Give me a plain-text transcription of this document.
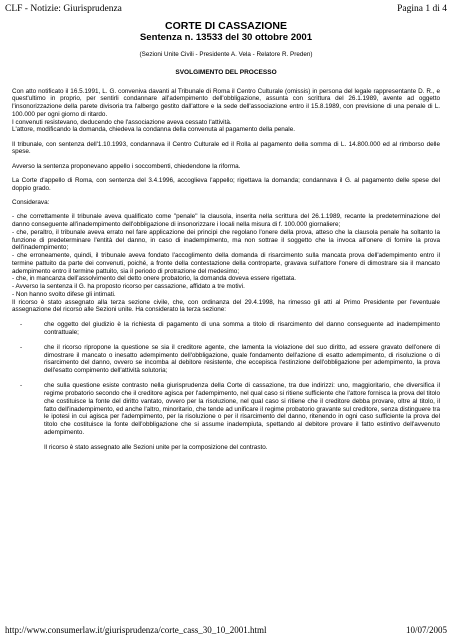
CLF - Notizie: Giurisprudenza	Pagina 1 di 4
CORTE DI CASSAZIONE
Sentenza n. 13533 del 30 ottobre 2001
(Sezioni Unite Civili - Presidente A. Vela - Relatore R. Preden)
SVOLGIMENTO DEL PROCESSO

Con atto notificato il 16.5.1991, L. G. conveniva davanti al Tribunale di Roma il Centro Culturale (omissis) in persona del legale rappresentante D. R., e quest'ultimo in proprio, per sentirli condannare all'adempimento dell'obbligazione, assunta con scrittura del 26.1.1989, avente ad oggetto l'insonorizzazione della parete divisoria tra l'albergo gestito dall'attore e la sede dell'associazione entro il 15.8.1989, con previsione di una penale di L. 100.000 per ogni giorno di ritardo.

I convenuti resistevano, deducendo che l'associazione aveva cessato l'attività.

L'attore, modificando la domanda, chiedeva la condanna della convenuta al pagamento della penale.

Il tribunale, con sentenza dell'1.10.1993, condannava il Centro Culturale ed il Rolla al pagamento della somma di L. 14.800.000 ed al rimborso delle spese.

Avverso la sentenza proponevano appello i soccombenti, chiedendone la riforma.

La Corte d'appello di Roma, con sentenza del 3.4.1996, accoglieva l'appello; rigettava la domanda; condannava il G. al pagamento delle spese del doppio grado.

Considerava:

- che correttamente il tribunale aveva qualificato come "penale" la clausola, inserita nella scrittura del 26.1.1989, recante la predeterminazione del danno conseguente all'inadempimento dell'obbligazione di insonorizzare i locali nella misura di f. 100.000 giornaliere;

- che, peraltro, il tribunale aveva errato nel fare applicazione dei principi che regolano l'onere della prova, atteso che la clausola penale ha soltanto la funzione di predeterminare l'entità del danno, in caso di inadempimento, ma non sottrae il soggetto che la invoca all'onere di fornire la prova dell'inadempimento;

- che erroneamente, quindi, il tribunale aveva fondato l'accoglimento della domanda di risarcimento sulla mancata prova dell'adempimento entro il termine pattuito da parte dei convenuti, poiché, a fronte della contestazione della controparte, gravava sull'attore l'onere di dimostrare sia il mancato adempimento entro il termine pattuito, sia il periodo di protrazione del medesimo;

- che, in mancanza dell'assolvimento del detto onere probatorio, la domanda doveva essere rigettata.

- Avverso la sentenza il G. ha proposto ricorso per cassazione, affidato a tre motivi.

- Non hanno svolto difese gli intimati.

Il ricorso è stato assegnato alla terza sezione civile, che, con ordinanza del 29.4.1998, ha rimesso gli atti al Primo Presidente per l'eventuale assegnazione del ricorso alle Sezioni unite. Ha considerato la terza sezione:

-	che oggetto del giudizio è la richiesta di pagamento di una somma a titolo di risarcimento del danno conseguente ad inadempimento contrattuale;

-	che il ricorso ripropone la questione se sia il creditore agente, che lamenta la violazione del suo diritto, ad essere gravato dell'onere di dimostrare il mancato o inesatto adempimento dell'obbligazione, quale fondamento dell'azione di esatto adempimento, di risoluzione o di risarcimento del danno, ovvero se incomba al debitore resistente, che eccepisca l'estinzione dell'obbligazione per adempimento, la prova dell'esatto compimento dell'attività solutoria;

-	che sulla questione esiste contrasto nella giurisprudenza della Corte di cassazione, tra due indirizzi: uno, maggioritario, che diversifica il regime probatorio secondo che il creditore agisca per l'adempimento, nel qual caso si ritiene sufficiente che l'attore fornisca la prova del titolo che costituisce la fonte del diritto vantato, ovvero per la risoluzione, nel qual caso si ritiene che il creditore debba provare, oltre al titolo, il fatto dell'inadempimento, ed anche l'altro, minoritario, che tende ad unificare il regime probatorio gravante sul creditore, senza distinguere tra le ipotesi in cui agisca per l'adempimento, per la risoluzione o per il risarcimento del danno, ritenendo in ogni caso sufficiente la prova del titolo che costituisce la fonte dell'obbligazione che si assume inadempiuta, spettando al debitore provare il fatto estintivo dell'avvenuto adempimento.

Il ricorso è stato assegnato alle Sezioni unite per la composizione del contrasto.

http://www.consumerlaw.it/giurisprudenza/corte_cass_30_10_2001.html	10/07/2005
